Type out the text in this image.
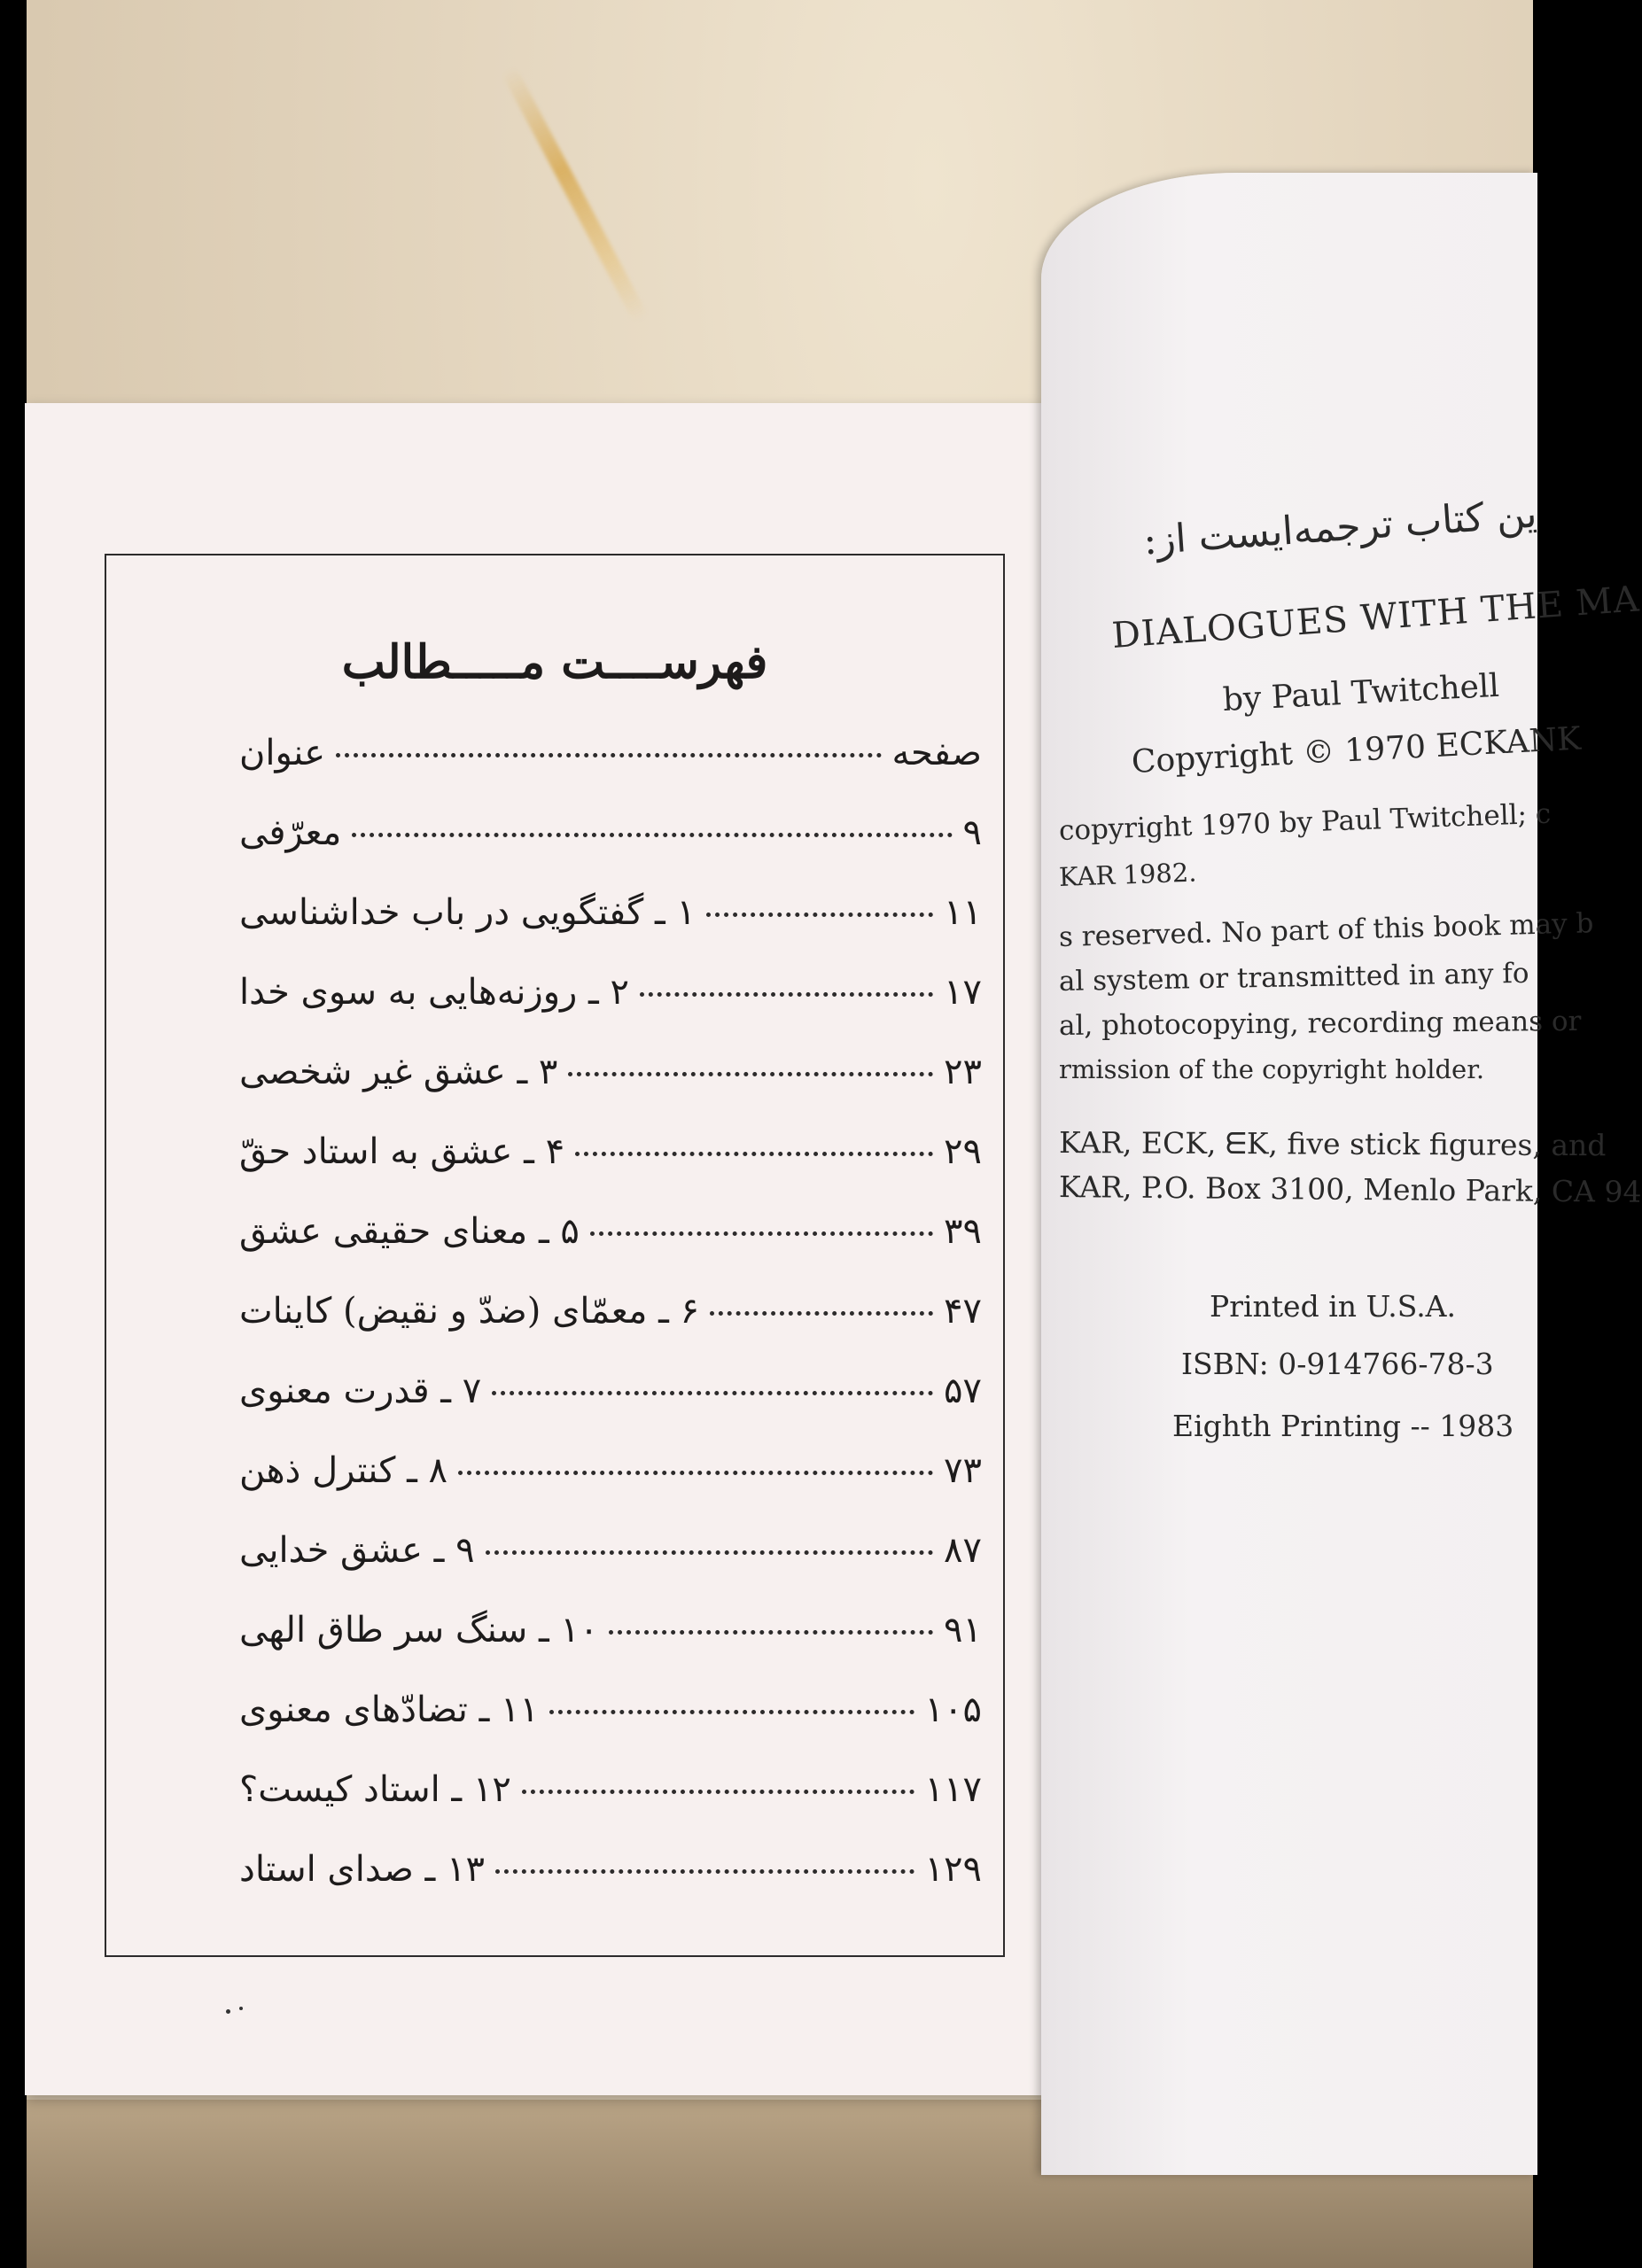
فهرســــت مـــــطالب
عنوان	صفحه
معرّفی	۹
۱ ـ گفتگویی در باب خداشناسی	۱۱
۲ ـ روزنه‌هایی به سوی خدا	۱۷
۳ ـ عشق غیر شخصی	۲۳
۴ ـ عشق به استاد حقّ	۲۹
۵ ـ معنای حقیقی عشق	۳۹
۶ ـ معمّای (ضدّ و نقیض) کاینات	۴۷
۷ ـ قدرت معنوی	۵۷
۸ ـ کنترل ذهن	۷۳
۹ ـ عشق خدایی	۸۷
۱۰ ـ سنگ سر طاق الهی	۹۱
۱۱ ـ تضادّهای معنوی	۱۰۵
۱۲ ـ استاد کیست؟	۱۱۷
۱۳ ـ صدای استاد	۱۲۹
ین کتاب ترجمه‌ایست از:
DIALOGUES WITH THE MA
by Paul Twitchell
Copyright © 1970 ECKANK
copyright 1970 by Paul Twitchell; c
KAR 1982.
s reserved. No part of this book may b
al system or transmitted in any fo
al, photocopying, recording means or
rmission of the copyright holder.
KAR, ECK, ᗴK, five stick figures, and
KAR, P.O. Box 3100, Menlo Park, CA 94
Printed in U.S.A.
ISBN: 0-914766-78-3
Eighth Printing -- 1983
